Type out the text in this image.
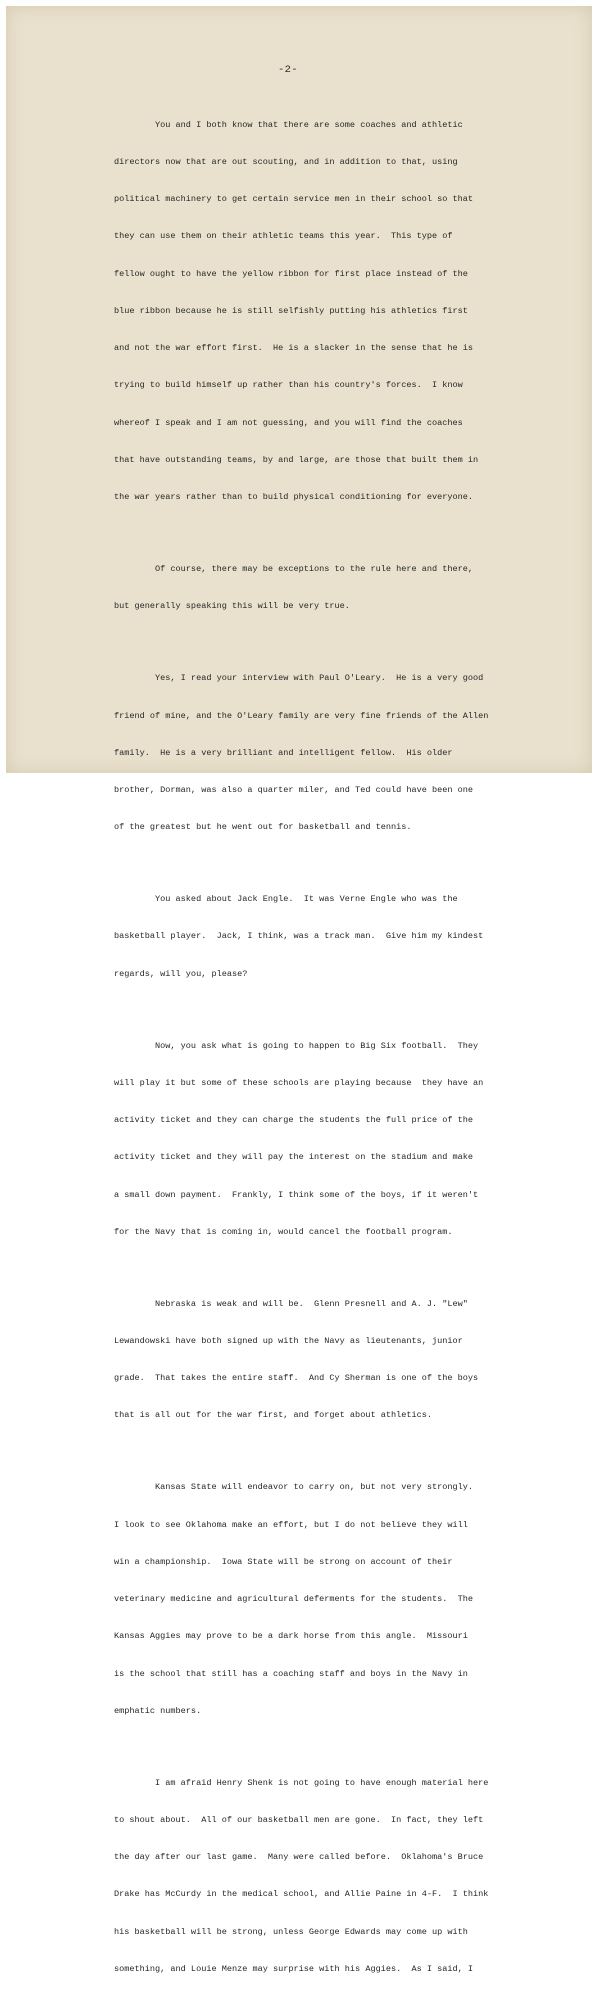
-2-

You and I both know that there are some coaches and athletic

directors now that are out scouting, and in addition to that, using

political machinery to get certain service men in their school so that

they can use them on their athletic teams this year.  This type of

fellow ought to have the yellow ribbon for first place instead of the

blue ribbon because he is still selfishly putting his athletics first

and not the war effort first.  He is a slacker in the sense that he is

trying to build himself up rather than his country's forces.  I know

whereof I speak and I am not guessing, and you will find the coaches

that have outstanding teams, by and large, are those that built them in

the war years rather than to build physical conditioning for everyone.

Of course, there may be exceptions to the rule here and there,

but generally speaking this will be very true.

Yes, I read your interview with Paul O'Leary.  He is a very good

friend of mine, and the O'Leary family are very fine friends of the Allen

family.  He is a very brilliant and intelligent fellow.  His older

brother, Dorman, was also a quarter miler, and Ted could have been one

of the greatest but he went out for basketball and tennis.

You asked about Jack Engle.  It was Verne Engle who was the

basketball player.  Jack, I think, was a track man.  Give him my kindest

regards, will you, please?

Now, you ask what is going to happen to Big Six football.  They

will play it but some of these schools are playing because  they have an

activity ticket and they can charge the students the full price of the

activity ticket and they will pay the interest on the stadium and make

a small down payment.  Frankly, I think some of the boys, if it weren't

for the Navy that is coming in, would cancel the football program.

Nebraska is weak and will be.  Glenn Presnell and A. J. "Lew"

Lewandowski have both signed up with the Navy as lieutenants, junior

grade.  That takes the entire staff.  And Cy Sherman is one of the boys

that is all out for the war first, and forget about athletics.

Kansas State will endeavor to carry on, but not very strongly.

I look to see Oklahoma make an effort, but I do not believe they will

win a championship.  Iowa State will be strong on account of their

veterinary medicine and agricultural deferments for the students.  The

Kansas Aggies may prove to be a dark horse from this angle.  Missouri

is the school that still has a coaching staff and boys in the Navy in

emphatic numbers.

I am afraid Henry Shenk is not going to have enough material here

to shout about.  All of our basketball men are gone.  In fact, they left

the day after our last game.  Many were called before.  Oklahoma's Bruce

Drake has McCurdy in the medical school, and Allie Paine in 4-F.  I think

his basketball will be strong, unless George Edwards may come up with

something, and Louie Menze may surprise with his Aggies.  As I said, I
